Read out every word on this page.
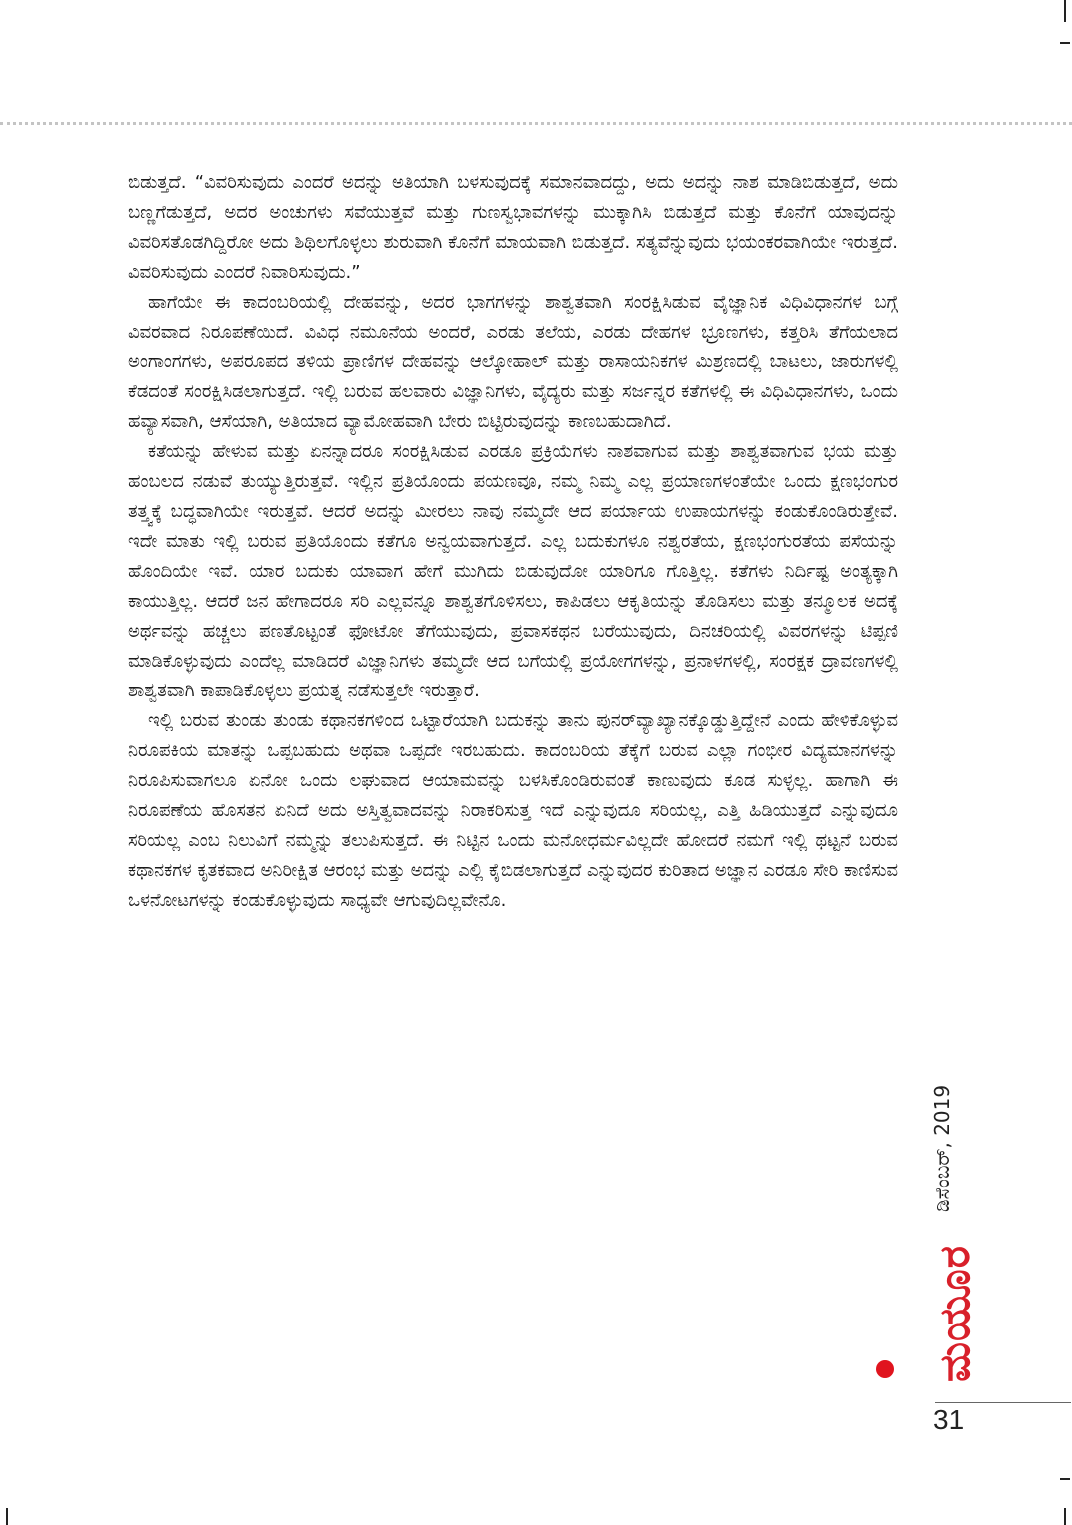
ಬಿಡುತ್ತದೆ. “ವಿವರಿಸುವುದು ಎಂದರೆ ಅದನ್ನು ಅತಿಯಾಗಿ ಬಳಸುವುದಕ್ಕೆ ಸಮಾನವಾದದ್ದು, ಅದು ಅದನ್ನು ನಾಶ ಮಾಡಿಬಿಡುತ್ತದೆ, ಅದು ಬಣ್ಣಗೆಡುತ್ತದೆ, ಅದರ ಅಂಚುಗಳು ಸವೆಯುತ್ತವೆ ಮತ್ತು ಗುಣಸ್ವಭಾವಗಳನ್ನು ಮುಕ್ಕಾಗಿಸಿ ಬಿಡುತ್ತದೆ ಮತ್ತು ಕೊನೆಗೆ ಯಾವುದನ್ನು ವಿವರಿಸತೊಡಗಿದ್ದಿರೋ ಅದು ಶಿಥಿಲಗೊಳ್ಳಲು ಶುರುವಾಗಿ ಕೊನೆಗೆ ಮಾಯವಾಗಿ ಬಿಡುತ್ತದೆ. ಸತ್ಯವೆನ್ನುವುದು ಭಯಂಕರವಾಗಿಯೇ ಇರುತ್ತದೆ. ವಿವರಿಸುವುದು ಎಂದರೆ ನಿವಾರಿಸುವುದು.”

ಹಾಗೆಯೇ ಈ ಕಾದಂಬರಿಯಲ್ಲಿ ದೇಹವನ್ನು, ಅದರ ಭಾಗಗಳನ್ನು ಶಾಶ್ವತವಾಗಿ ಸಂರಕ್ಷಿಸಿಡುವ ವೈಜ್ಞಾನಿಕ ವಿಧಿವಿಧಾನಗಳ ಬಗ್ಗೆ ವಿವರವಾದ ನಿರೂಪಣೆಯಿದೆ. ವಿವಿಧ ನಮೂನೆಯ ಅಂದರೆ, ಎರಡು ತಲೆಯ, ಎರಡು ದೇಹಗಳ ಭ್ರೂಣಗಳು, ಕತ್ತರಿಸಿ ತೆಗೆಯಲಾದ ಅಂಗಾಂಗಗಳು, ಅಪರೂಪದ ತಳಿಯ ಪ್ರಾಣಿಗಳ ದೇಹವನ್ನು ಆಲ್ಕೋಹಾಲ್ ಮತ್ತು ರಾಸಾಯನಿಕಗಳ ಮಿಶ್ರಣದಲ್ಲಿ ಬಾಟಲು, ಜಾರುಗಳಲ್ಲಿ ಕೆಡದಂತೆ ಸಂರಕ್ಷಿಸಿಡಲಾಗುತ್ತದೆ. ಇಲ್ಲಿ ಬರುವ ಹಲವಾರು ವಿಜ್ಞಾನಿಗಳು, ವೈದ್ಯರು ಮತ್ತು ಸರ್ಜನ್ನರ ಕತೆಗಳಲ್ಲಿ ಈ ವಿಧಿವಿಧಾನಗಳು, ಒಂದು ಹವ್ಯಾಸವಾಗಿ, ಆಸೆಯಾಗಿ, ಅತಿಯಾದ ವ್ಯಾಮೋಹವಾಗಿ ಬೇರು ಬಿಟ್ಟಿರುವುದನ್ನು ಕಾಣಬಹುದಾಗಿದೆ.

ಕತೆಯನ್ನು ಹೇಳುವ ಮತ್ತು ಏನನ್ನಾದರೂ ಸಂರಕ್ಷಿಸಿಡುವ ಎರಡೂ ಪ್ರಕ್ರಿಯೆಗಳು ನಾಶವಾಗುವ ಮತ್ತು ಶಾಶ್ವತವಾಗುವ ಭಯ ಮತ್ತು ಹಂಬಲದ ನಡುವೆ ತುಯ್ಯುತ್ತಿರುತ್ತವೆ. ಇಲ್ಲಿನ ಪ್ರತಿಯೊಂದು ಪಯಣವೂ, ನಮ್ಮ ನಿಮ್ಮ ಎಲ್ಲ ಪ್ರಯಾಣಗಳಂತೆಯೇ ಒಂದು ಕ್ಷಣಭಂಗುರ ತತ್ತ್ವಕ್ಕೆ ಬದ್ಧವಾಗಿಯೇ ಇರುತ್ತವೆ. ಆದರೆ ಅದನ್ನು ಮೀರಲು ನಾವು ನಮ್ಮದೇ ಆದ ಪರ್ಯಾಯ ಉಪಾಯಗಳನ್ನು ಕಂಡುಕೊಂಡಿರುತ್ತೇವೆ. ಇದೇ ಮಾತು ಇಲ್ಲಿ ಬರುವ ಪ್ರತಿಯೊಂದು ಕತೆಗೂ ಅನ್ವಯವಾಗುತ್ತದೆ. ಎಲ್ಲ ಬದುಕುಗಳೂ ನಶ್ವರತೆಯ, ಕ್ಷಣಭಂಗುರತೆಯ ಪಸೆಯನ್ನು ಹೊಂದಿಯೇ ಇವೆ. ಯಾರ ಬದುಕು ಯಾವಾಗ ಹೇಗೆ ಮುಗಿದು ಬಿಡುವುದೋ ಯಾರಿಗೂ ಗೊತ್ತಿಲ್ಲ. ಕತೆಗಳು ನಿರ್ದಿಷ್ಟ ಅಂತ್ಯಕ್ಕಾಗಿ ಕಾಯುತ್ತಿಲ್ಲ. ಆದರೆ ಜನ ಹೇಗಾದರೂ ಸರಿ ಎಲ್ಲವನ್ನೂ ಶಾಶ್ವತಗೊಳಿಸಲು, ಕಾಪಿಡಲು ಆಕೃತಿಯನ್ನು ತೊಡಿಸಲು ಮತ್ತು ತನ್ಮೂಲಕ ಅದಕ್ಕೆ ಅರ್ಥವನ್ನು ಹಚ್ಚಲು ಪಣತೊಟ್ಟಂತೆ ಫೋಟೋ ತೆಗೆಯುವುದು, ಪ್ರವಾಸಕಥನ ಬರೆಯುವುದು, ದಿನಚರಿಯಲ್ಲಿ ವಿವರಗಳನ್ನು ಟಿಪ್ಪಣಿ ಮಾಡಿಕೊಳ್ಳುವುದು ಎಂದೆಲ್ಲ ಮಾಡಿದರೆ ವಿಜ್ಞಾನಿಗಳು ತಮ್ಮದೇ ಆದ ಬಗೆಯಲ್ಲಿ ಪ್ರಯೋಗಗಳನ್ನು, ಪ್ರನಾಳಗಳಲ್ಲಿ, ಸಂರಕ್ಷಕ ದ್ರಾವಣಗಳಲ್ಲಿ ಶಾಶ್ವತವಾಗಿ ಕಾಪಾಡಿಕೊಳ್ಳಲು ಪ್ರಯತ್ನ ನಡೆಸುತ್ತಲೇ ಇರುತ್ತಾರೆ.

ಇಲ್ಲಿ ಬರುವ ತುಂಡು ತುಂಡು ಕಥಾನಕಗಳಿಂದ ಒಟ್ಟಾರೆಯಾಗಿ ಬದುಕನ್ನು ತಾನು ಪುನರ್‌ವ್ಯಾಖ್ಯಾನಕ್ಕೊಡ್ಡುತ್ತಿದ್ದೇನೆ ಎಂದು ಹೇಳಿಕೊಳ್ಳುವ ನಿರೂಪಕಿಯ ಮಾತನ್ನು ಒಪ್ಪಬಹುದು ಅಥವಾ ಒಪ್ಪದೇ ಇರಬಹುದು. ಕಾದಂಬರಿಯ ತೆಕ್ಕೆಗೆ ಬರುವ ಎಲ್ಲಾ ಗಂಭೀರ ವಿದ್ಯಮಾನಗಳನ್ನು ನಿರೂಪಿಸುವಾಗಲೂ ಏನೋ ಒಂದು ಲಘುವಾದ ಆಯಾಮವನ್ನು ಬಳಸಿಕೊಂಡಿರುವಂತೆ ಕಾಣುವುದು ಕೂಡ ಸುಳ್ಳಲ್ಲ. ಹಾಗಾಗಿ ಈ ನಿರೂಪಣೆಯ ಹೊಸತನ ಏನಿದೆ ಅದು ಅಸ್ತಿತ್ವವಾದವನ್ನು ನಿರಾಕರಿಸುತ್ತ ಇದೆ ಎನ್ನುವುದೂ ಸರಿಯಲ್ಲ, ಎತ್ತಿ ಹಿಡಿಯುತ್ತದೆ ಎನ್ನುವುದೂ ಸರಿಯಲ್ಲ ಎಂಬ ನಿಲುವಿಗೆ ನಮ್ಮನ್ನು ತಲುಪಿಸುತ್ತದೆ. ಈ ನಿಟ್ಟಿನ ಒಂದು ಮನೋಧರ್ಮವಿಲ್ಲದೇ ಹೋದರೆ ನಮಗೆ ಇಲ್ಲಿ ಥಟ್ಟನೆ ಬರುವ ಕಥಾನಕಗಳ ಕೃತಕವಾದ ಅನಿರೀಕ್ಷಿತ ಆರಂಭ ಮತ್ತು ಅದನ್ನು ಎಲ್ಲಿ ಕೈಬಿಡಲಾಗುತ್ತದೆ ಎನ್ನುವುದರ ಕುರಿತಾದ ಅಜ್ಞಾನ ಎರಡೂ ಸೇರಿ ಕಾಣಿಸುವ ಒಳನೋಟಗಳನ್ನು ಕಂಡುಕೊಳ್ಳುವುದು ಸಾಧ್ಯವೇ ಆಗುವುದಿಲ್ಲವೇನೊ.

ಡಿಸೆಂಬರ್, 2019
ಮಯೂರ
31
